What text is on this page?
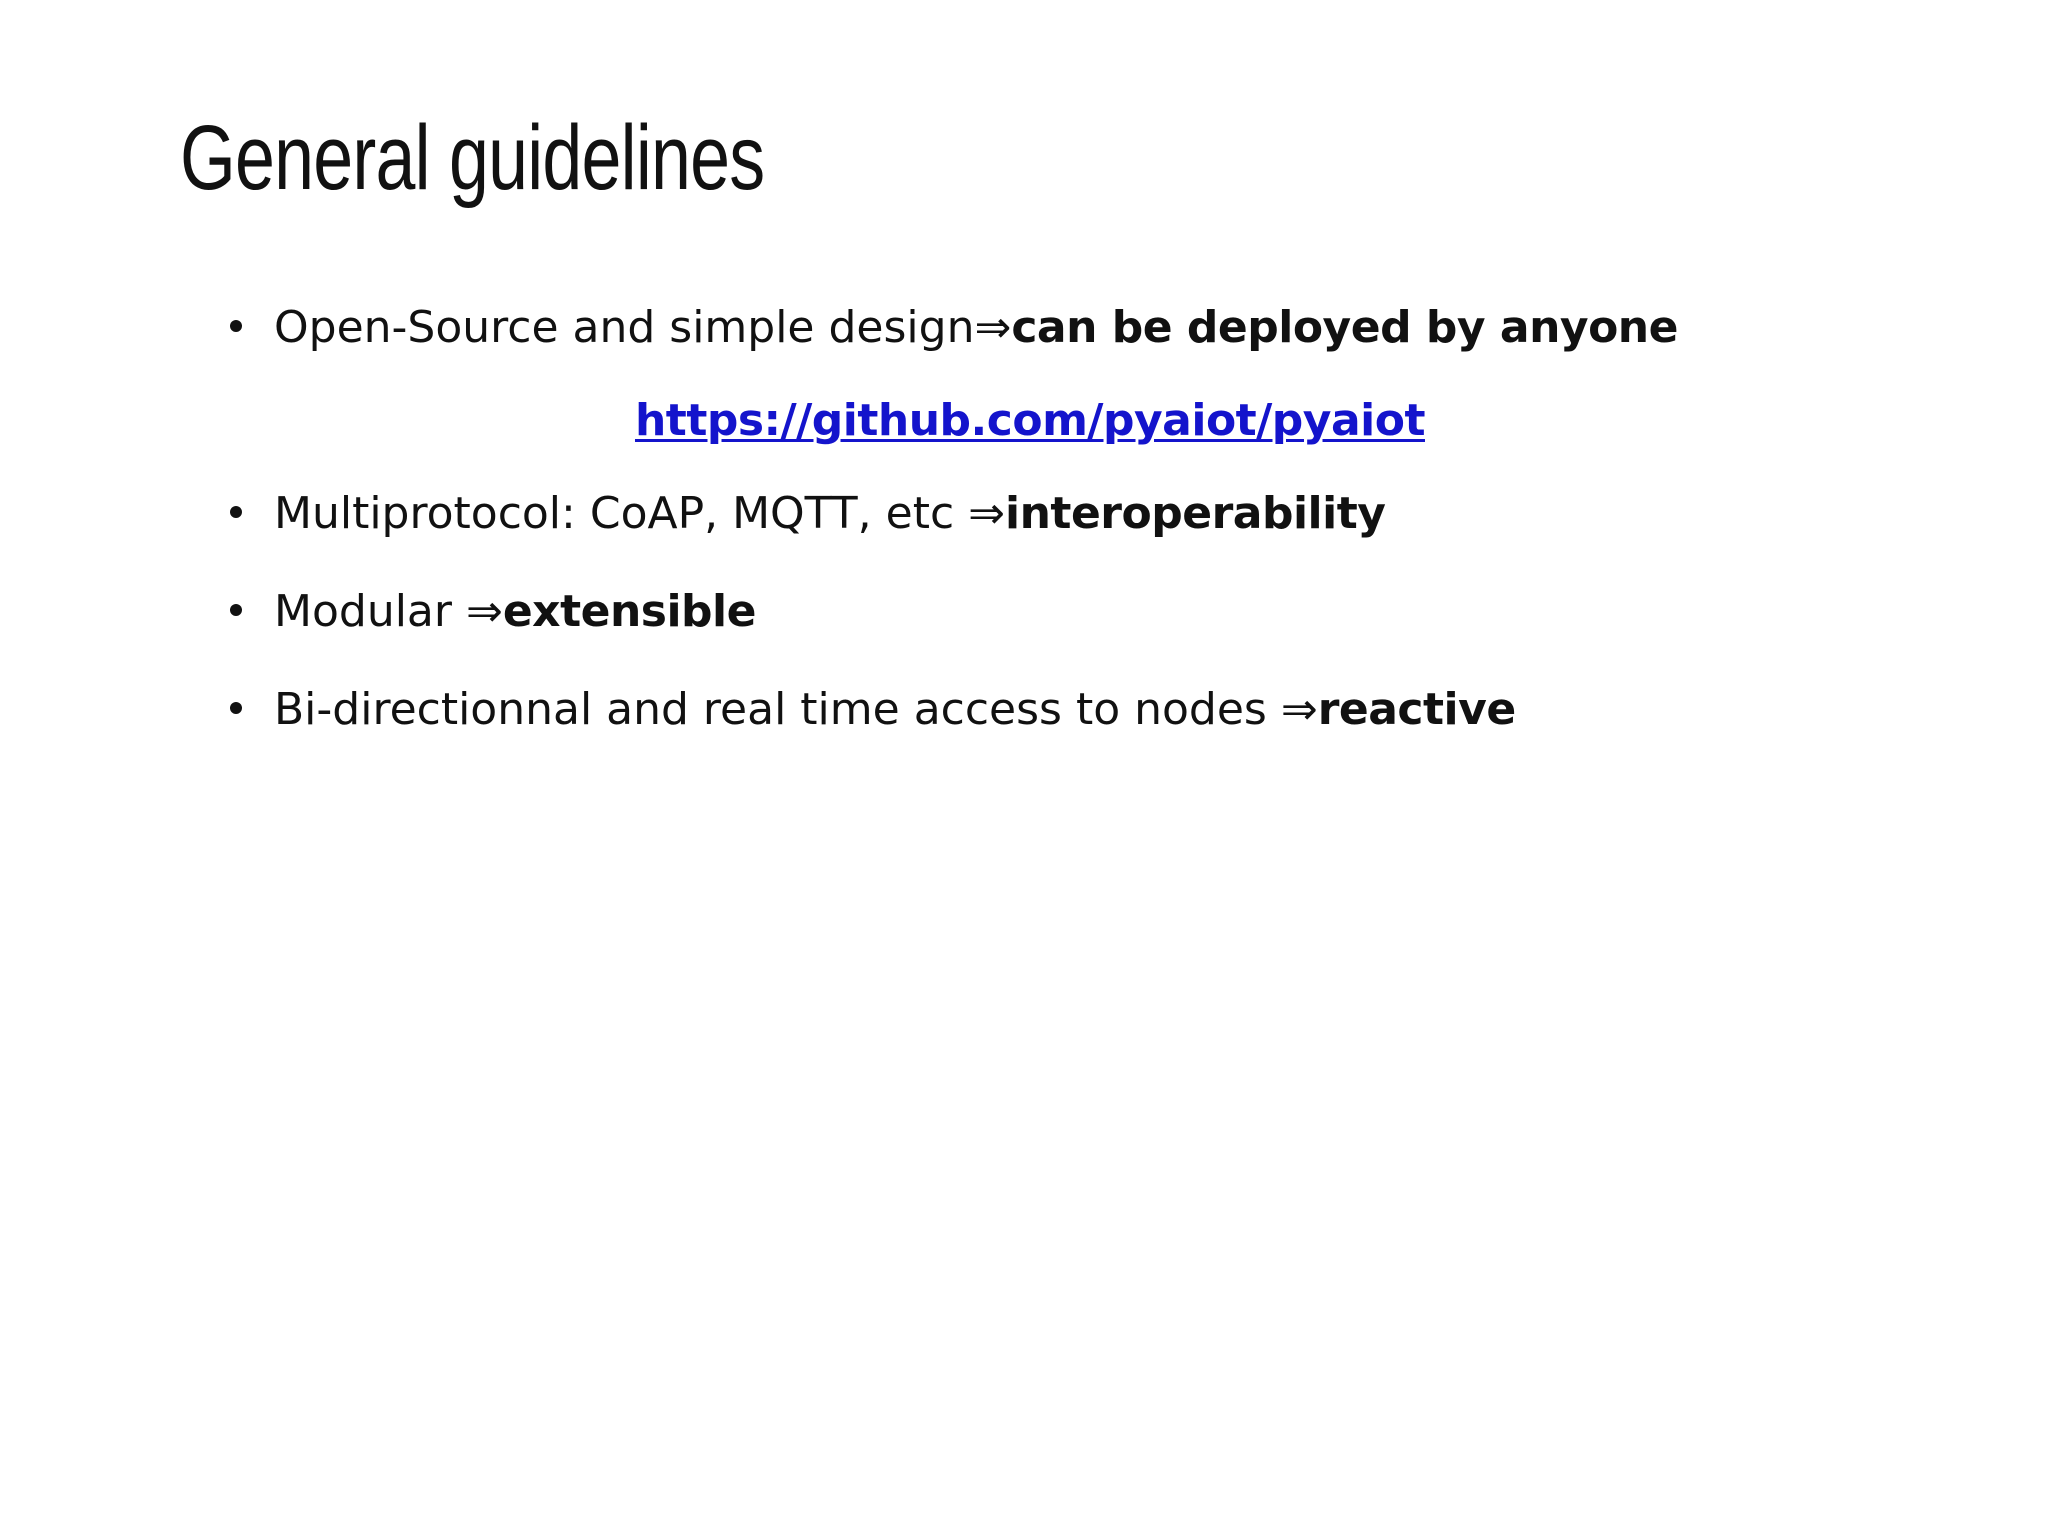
General guidelines
Open-Source and simple design⇒ can be deployed by anyone
https://github.com/pyaiot/pyaiot
Multiprotocol: CoAP, MQTT, etc ⇒ interoperability
Modular ⇒ extensible
Bi-directionnal and real time access to nodes ⇒ reactive
